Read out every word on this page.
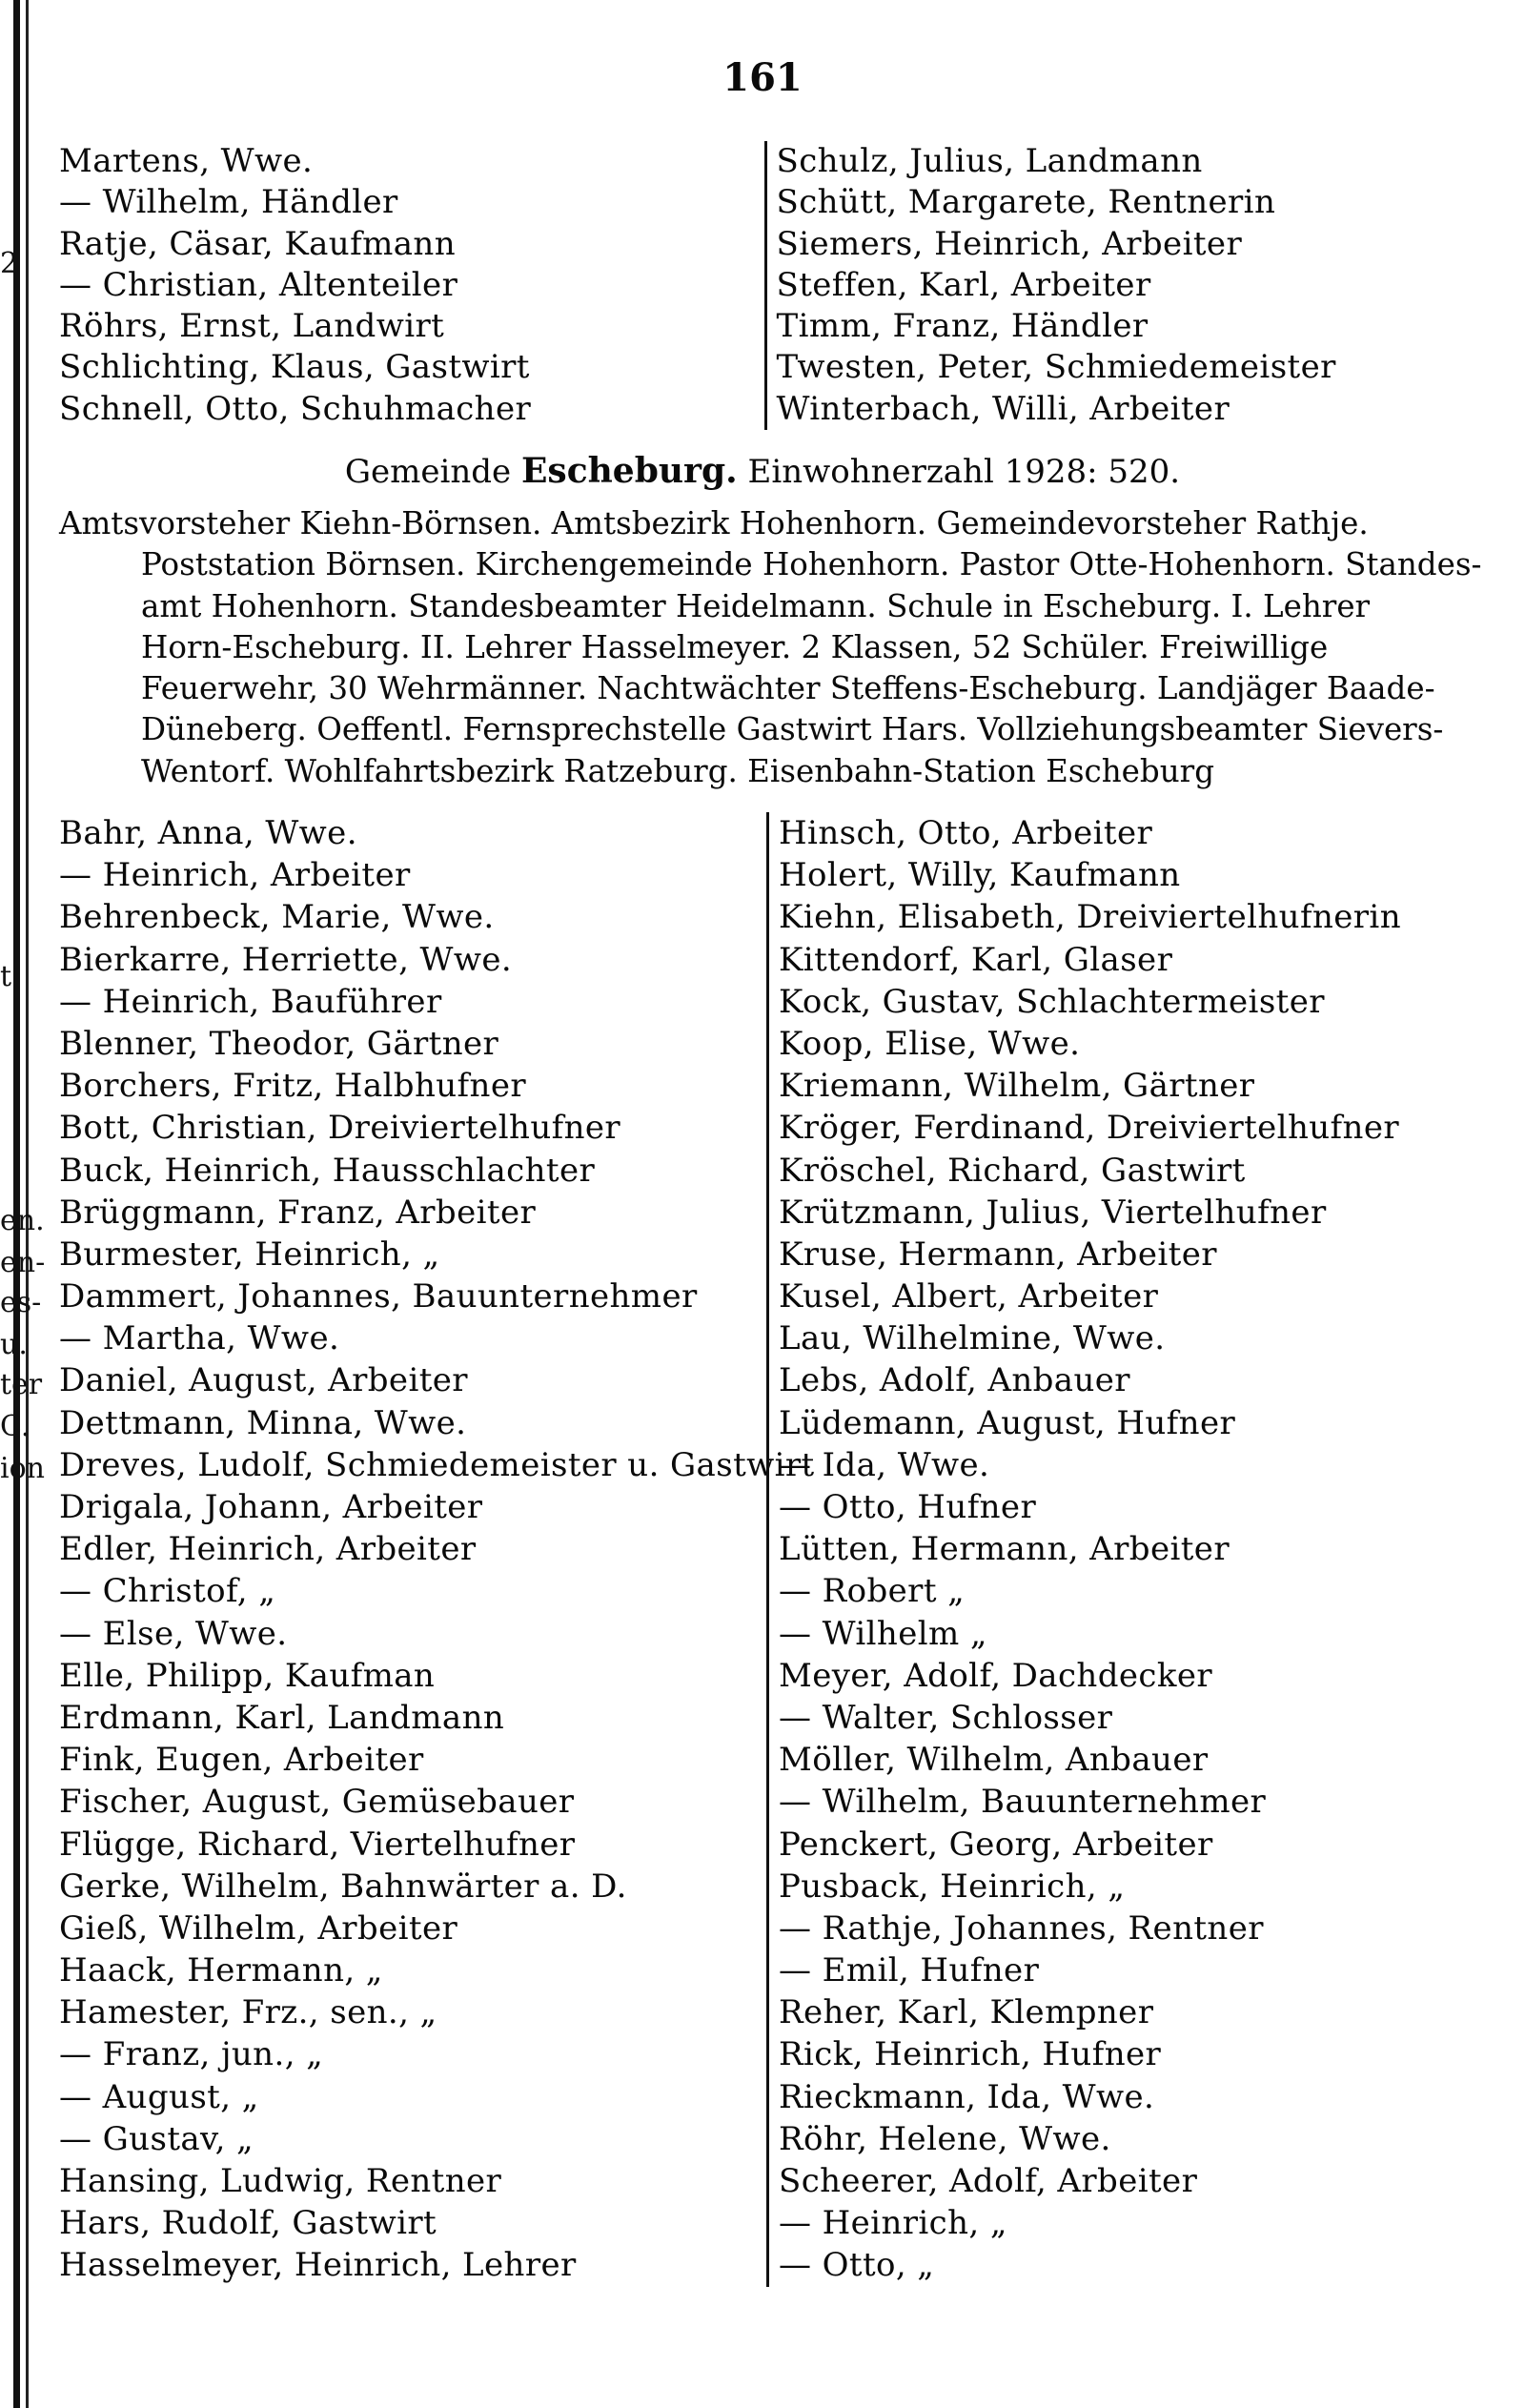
2
t
en.
en-
es-
u.
ter
C.
ion
161
Martens, Wwe.
— Wilhelm, Händler
Ratje, Cäsar, Kaufmann
— Christian, Altenteiler
Röhrs, Ernst, Landwirt
Schlichting, Klaus, Gastwirt
Schnell, Otto, Schuhmacher
Schulz, Julius, Landmann
Schütt, Margarete, Rentnerin
Siemers, Heinrich, Arbeiter
Steffen, Karl, Arbeiter
Timm, Franz, Händler
Twesten, Peter, Schmiedemeister
Winterbach, Willi, Arbeiter
Gemeinde Escheburg. Einwohnerzahl 1928: 520.
Amtsvorsteher Kiehn-Börnsen. Amtsbezirk Hohenhorn. Gemeindevorsteher Rathje.
Poststation Börnsen. Kirchengemeinde Hohenhorn. Pastor Otte-Hohenhorn. Standes-
amt Hohenhorn. Standesbeamter Heidelmann. Schule in Escheburg. I. Lehrer
Horn-Escheburg. II. Lehrer Hasselmeyer. 2 Klassen, 52 Schüler. Freiwillige
Feuerwehr, 30 Wehrmänner. Nachtwächter Steffens-Escheburg. Landjäger Baade-
Düneberg. Oeffentl. Fernsprechstelle Gastwirt Hars. Vollziehungsbeamter Sievers-
Wentorf. Wohlfahrtsbezirk Ratzeburg. Eisenbahn-Station Escheburg
Bahr, Anna, Wwe.
— Heinrich, Arbeiter
Behrenbeck, Marie, Wwe.
Bierkarre, Herriette, Wwe.
— Heinrich, Bauführer
Blenner, Theodor, Gärtner
Borchers, Fritz, Halbhufner
Bott, Christian, Dreiviertelhufner
Buck, Heinrich, Hausschlachter
Brüggmann, Franz, Arbeiter
Burmester, Heinrich, „
Dammert, Johannes, Bauunternehmer
— Martha, Wwe.
Daniel, August, Arbeiter
Dettmann, Minna, Wwe.
Dreves, Ludolf, Schmiedemeister u. Gastwirt
Drigala, Johann, Arbeiter
Edler, Heinrich, Arbeiter
— Christof, „
— Else, Wwe.
Elle, Philipp, Kaufman
Erdmann, Karl, Landmann
Fink, Eugen, Arbeiter
Fischer, August, Gemüsebauer
Flügge, Richard, Viertelhufner
Gerke, Wilhelm, Bahnwärter a. D.
Gieß, Wilhelm, Arbeiter
Haack, Hermann, „
Hamester, Frz., sen., „
— Franz, jun., „
— August, „
— Gustav, „
Hansing, Ludwig, Rentner
Hars, Rudolf, Gastwirt
Hasselmeyer, Heinrich, Lehrer
Hinsch, Otto, Arbeiter
Holert, Willy, Kaufmann
Kiehn, Elisabeth, Dreiviertelhufnerin
Kittendorf, Karl, Glaser
Kock, Gustav, Schlachtermeister
Koop, Elise, Wwe.
Kriemann, Wilhelm, Gärtner
Kröger, Ferdinand, Dreiviertelhufner
Kröschel, Richard, Gastwirt
Krützmann, Julius, Viertelhufner
Kruse, Hermann, Arbeiter
Kusel, Albert, Arbeiter
Lau, Wilhelmine, Wwe.
Lebs, Adolf, Anbauer
Lüdemann, August, Hufner
— Ida, Wwe.
— Otto, Hufner
Lütten, Hermann, Arbeiter
— Robert „
— Wilhelm „
Meyer, Adolf, Dachdecker
— Walter, Schlosser
Möller, Wilhelm, Anbauer
— Wilhelm, Bauunternehmer
Penckert, Georg, Arbeiter
Pusback, Heinrich, „
— Rathje, Johannes, Rentner
— Emil, Hufner
Reher, Karl, Klempner
Rick, Heinrich, Hufner
Rieckmann, Ida, Wwe.
Röhr, Helene, Wwe.
Scheerer, Adolf, Arbeiter
— Heinrich, „
— Otto, „
